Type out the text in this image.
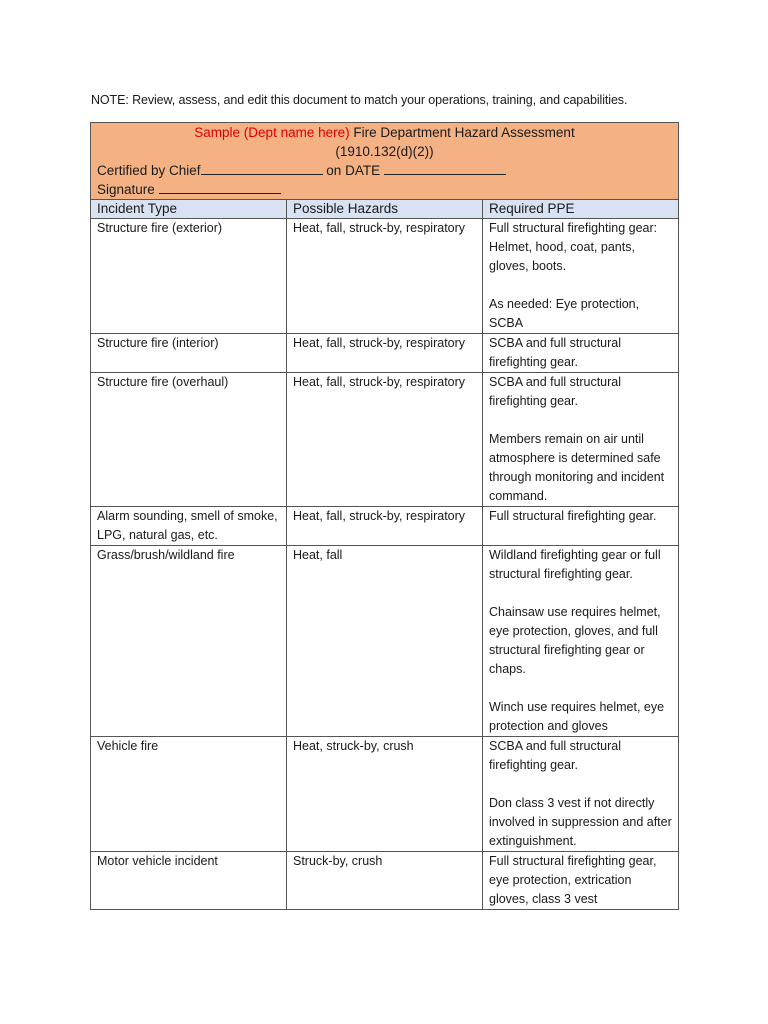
NOTE: Review, assess, and edit this document to match your operations, training, and capabilities.
Sample (Dept name here) Fire Department Hazard Assessment
(1910.132(d)(2))
Certified by Chief on DATE
Signature		

Incident Type	Possible Hazards	Required PPE
Structure fire (exterior)	Heat, fall, struck-by, respiratory	Full structural firefighting gear: Helmet, hood, coat, pants, gloves, boots.
As needed: Eye protection, SCBA

Structure fire (interior)	Heat, fall, struck-by, respiratory	SCBA and full structural firefighting gear.

Structure fire (overhaul)	Heat, fall, struck-by, respiratory	SCBA and full structural firefighting gear.
Members remain on air until atmosphere is determined safe through monitoring and incident command.

Alarm sounding, smell of smoke, LPG, natural gas, etc.	Heat, fall, struck-by, respiratory	Full structural firefighting gear.

Grass/brush/wildland fire	Heat, fall	Wildland firefighting gear or full structural firefighting gear.
Chainsaw use requires helmet, eye protection, gloves, and full structural firefighting gear or chaps.
Winch use requires helmet, eye protection and gloves

Vehicle fire	Heat, struck-by, crush	SCBA and full structural firefighting gear.
Don class 3 vest if not directly involved in suppression and after extinguishment.

Motor vehicle incident	Struck-by, crush	Full structural firefighting gear, eye protection, extrication gloves, class 3 vest
